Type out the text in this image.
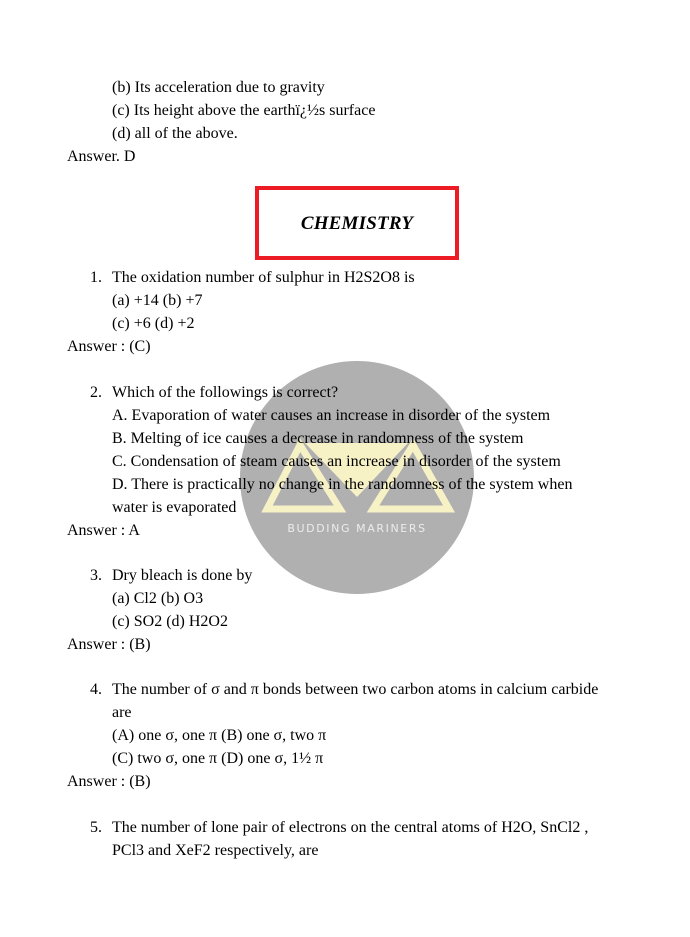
BUDDING MARINERS
(b) Its acceleration due to gravity
(c) Its height above the earthï¿½s surface
(d) all of the above.
Answer. D
CHEMISTRY
1. The oxidation number of sulphur in H2S2O8 is
(a) +14 (b) +7
(c) +6 (d) +2
Answer : (C)
2. Which of the followings is correct?
A. Evaporation of water causes an increase in disorder of the system
B. Melting of ice causes a decrease in randomness of the system
C. Condensation of steam causes an increase in disorder of the system
D. There is practically no change in the randomness of the system when
water is evaporated
Answer : A
3. Dry bleach is done by
(a) Cl2 (b) O3
(c) SO2 (d) H2O2
Answer : (B)
4. The number of σ and π bonds between two carbon atoms in calcium carbide
are
(A) one σ, one π (B) one σ, two π
(C) two σ, one π (D) one σ, 1½ π
Answer : (B)
5. The number of lone pair of electrons on the central atoms of H2O, SnCl2 ,
PCl3 and XeF2 respectively, are
